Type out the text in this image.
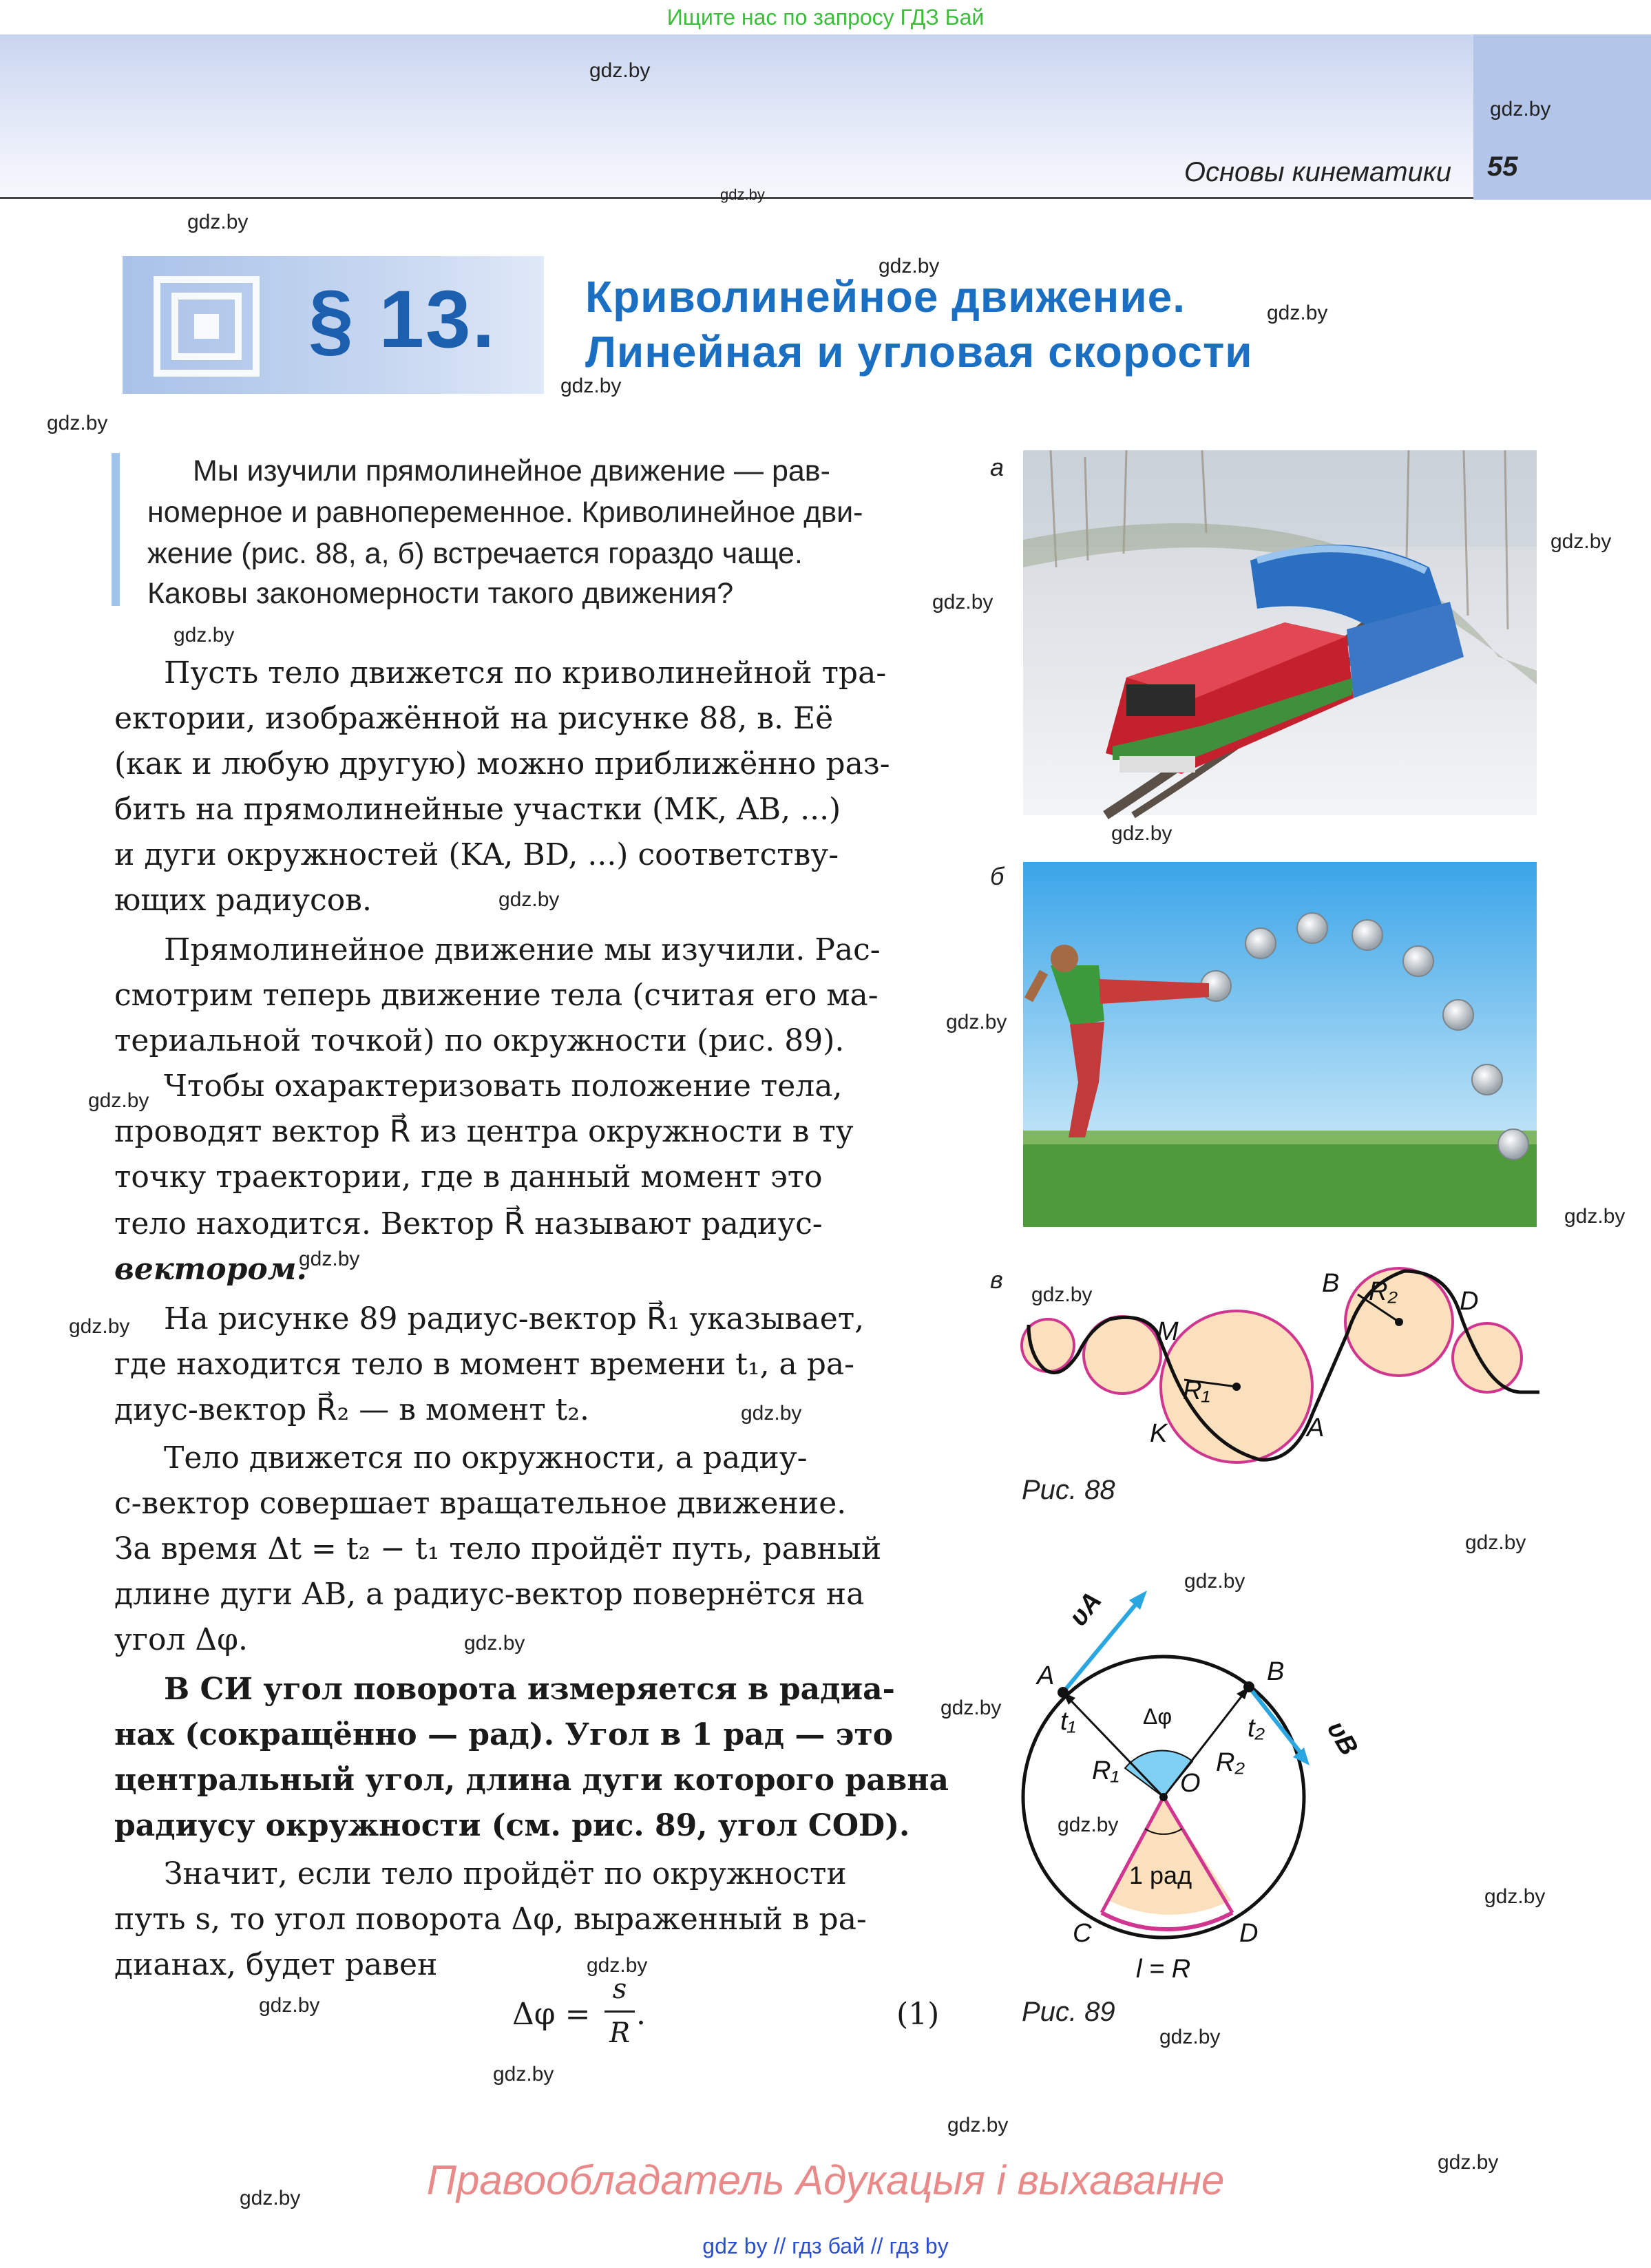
Ищите нас по запросу ГДЗ Бай
Основы кинематики 55
gdz.by
gdz.by
gdz.by
gdz.by
gdz.by
gdz.by
gdz.by
gdz.by
gdz.by
gdz.by
gdz.by
gdz.by
gdz.by
gdz.by
gdz.by
gdz.by
gdz.by
gdz.by
gdz.by
gdz.by
gdz.by
gdz.by
gdz.by
gdz.by
gdz.by
gdz.by
gdz.by
gdz.by
gdz.by
gdz.by
gdz.by
gdz.by
gdz.by
§ 13. Криволинейное движение.
Линейная и угловая скорости
Мы изучили прямолинейное движение — рав-
номерное и равнопеременное. Криволинейное дви-
жение (рис. 88, а, б) встречается гораздо чаще.
Каковы закономерности такого движения?
Пусть тело движется по криволинейной тра-
ектории, изображённой на рисунке 88, в. Её
(как и любую другую) можно приближённо раз-
бить на прямолинейные участки (MK, AB, ...)
и дуги окружностей (KA, BD, ...) соответству-
ющих радиусов.
Прямолинейное движение мы изучили. Рас-
смотрим теперь движение тела (считая его ма-
териальной точкой) по окружности (рис. 89).
Чтобы охарактеризовать положение тела,
проводят вектор R⃗ из центра окружности в ту
точку траектории, где в данный момент это
тело находится. Вектор R⃗ называют радиус-
вектором.
На рисунке 89 радиус-вектор R⃗₁ указывает,
где находится тело в момент времени t₁, а ра-
диус-вектор R⃗₂ — в момент t₂.
Тело движется по окружности, а радиу-
с-вектор совершает вращательное движение.
За время Δt = t₂ − t₁ тело пройдёт путь, равный
длине дуги AB, а радиус-вектор повернётся на
угол Δφ.
В СИ угол поворота измеряется в радиа-
нах (сокращённо — рад). Угол в 1 рад — это
центральный угол, длина дуги которого равна
радиусу окружности (см. рис. 89, угол COD).
Значит, если тело пройдёт по окружности
путь s, то угол поворота Δφ, выраженный в ра-
дианах, будет равен
Δφ =
s
R
.	(1)
а
б
в	B R₂ D
M
R₁
K	A
Рис. 88
υA
A	B
υB
Δφ
t₁	t₂
R₁	R₂
O
1 рад
C	D
l = R
Рис. 89
Правообладатель Адукацыя і выхаванне
gdz by // гдз бай // гдз by
